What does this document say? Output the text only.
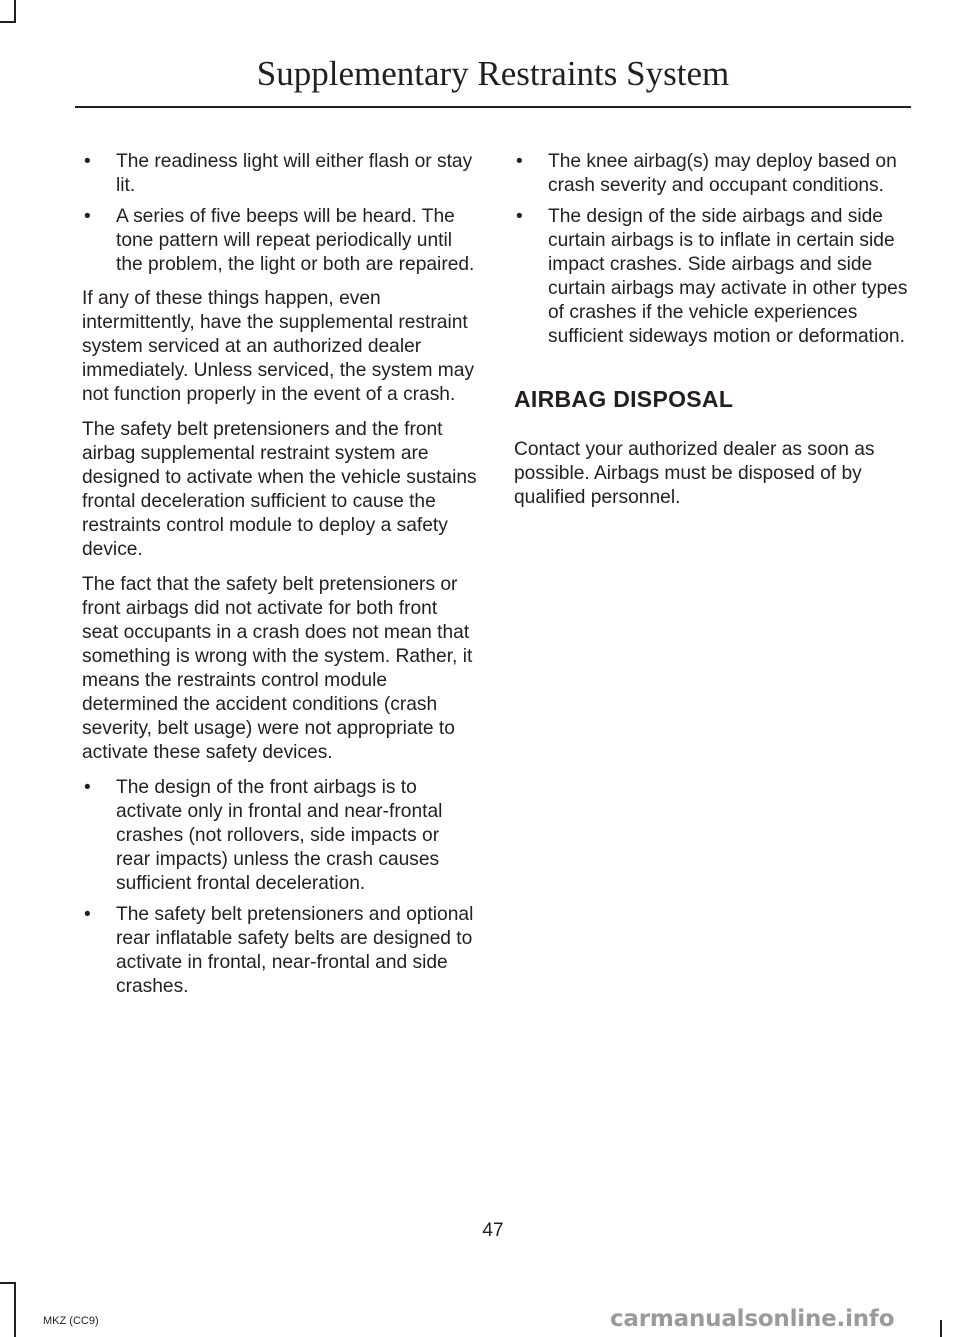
Supplementary Restraints System
• The readiness light will either flash or stay lit.
• A series of five beeps will be heard. The tone pattern will repeat periodically until the problem, the light or both are repaired.

If any of these things happen, even intermittently, have the supplemental restraint system serviced at an authorized dealer immediately. Unless serviced, the system may not function properly in the event of a crash.

The safety belt pretensioners and the front airbag supplemental restraint system are designed to activate when the vehicle sustains frontal deceleration sufficient to cause the restraints control module to deploy a safety device.

The fact that the safety belt pretensioners or front airbags did not activate for both front seat occupants in a crash does not mean that something is wrong with the system. Rather, it means the restraints control module determined the accident conditions (crash severity, belt usage) were not appropriate to activate these safety devices.

• The design of the front airbags is to activate only in frontal and near-frontal crashes (not rollovers, side impacts or rear impacts) unless the crash causes sufficient frontal deceleration.
• The safety belt pretensioners and optional rear inflatable safety belts are designed to activate in frontal, near-frontal and side crashes.
• The knee airbag(s) may deploy based on crash severity and occupant conditions.
• The design of the side airbags and side curtain airbags is to inflate in certain side impact crashes. Side airbags and side curtain airbags may activate in other types of crashes if the vehicle experiences sufficient sideways motion or deformation.
AIRBAG DISPOSAL

Contact your authorized dealer as soon as possible. Airbags must be disposed of by qualified personnel.

47
MKZ (CC9)	carmanualsonline.info
